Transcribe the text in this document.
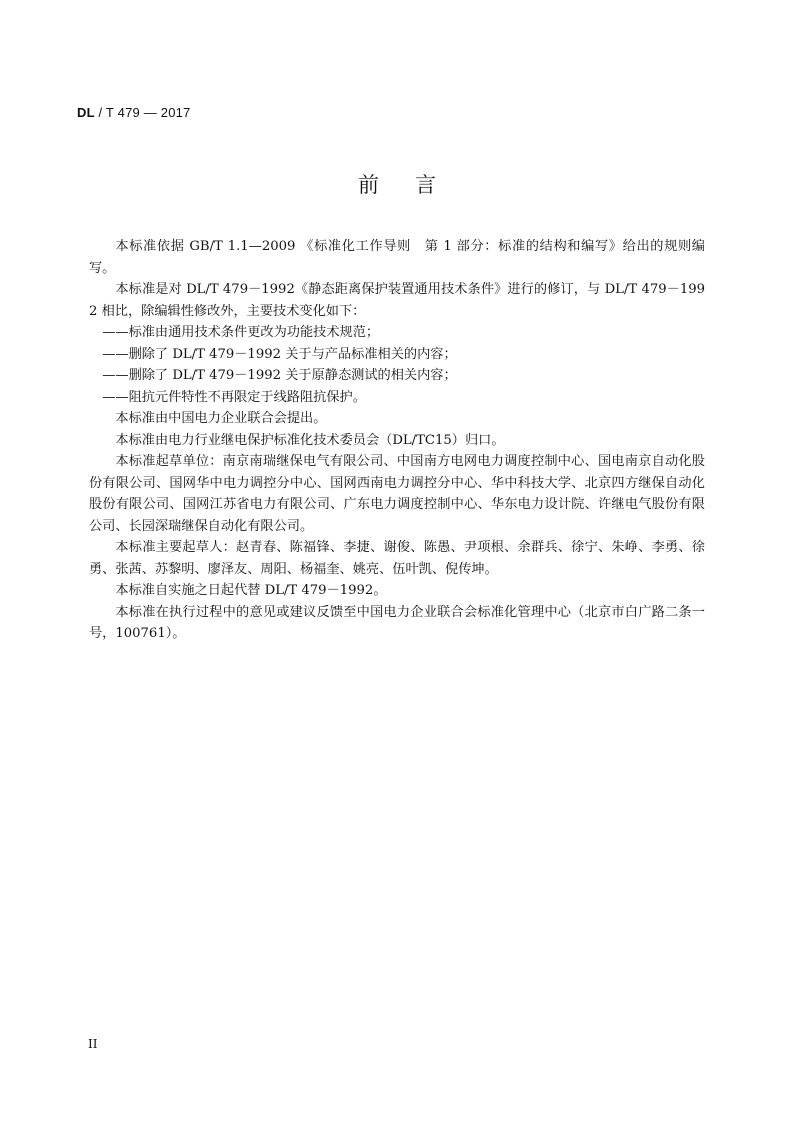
DL / T 479 — 2017
前言

本标准依据 GB/T 1.1—2009 《标准化工作导则　第 1 部分：标准的结构和编写》给出的规则编写。

本标准是对 DL/T 479－1992《静态距离保护装置通用技术条件》进行的修订，与 DL/T 479－1992 相比，除编辑性修改外，主要技术变化如下：

——标准由通用技术条件更改为功能技术规范；

——删除了 DL/T 479－1992 关于与产品标准相关的内容；

——删除了 DL/T 479－1992 关于原静态测试的相关内容；

——阻抗元件特性不再限定于线路阻抗保护。

本标准由中国电力企业联合会提出。

本标准由电力行业继电保护标准化技术委员会（DL/TC15）归口。

本标准起草单位：南京南瑞继保电气有限公司、中国南方电网电力调度控制中心、国电南京自动化股份有限公司、国网华中电力调控分中心、国网西南电力调控分中心、华中科技大学、北京四方继保自动化股份有限公司、国网江苏省电力有限公司、广东电力调度控制中心、华东电力设计院、许继电气股份有限公司、长园深瑞继保自动化有限公司。

本标准主要起草人：赵青春、陈福锋、李捷、谢俊、陈愚、尹项根、余群兵、徐宁、朱峥、李勇、徐勇、张茜、苏黎明、廖泽友、周阳、杨福奎、姚亮、伍叶凯、倪传坤。

本标准自实施之日起代替 DL/T 479－1992。

本标准在执行过程中的意见或建议反馈至中国电力企业联合会标准化管理中心（北京市白广路二条一号，100761）。

II
